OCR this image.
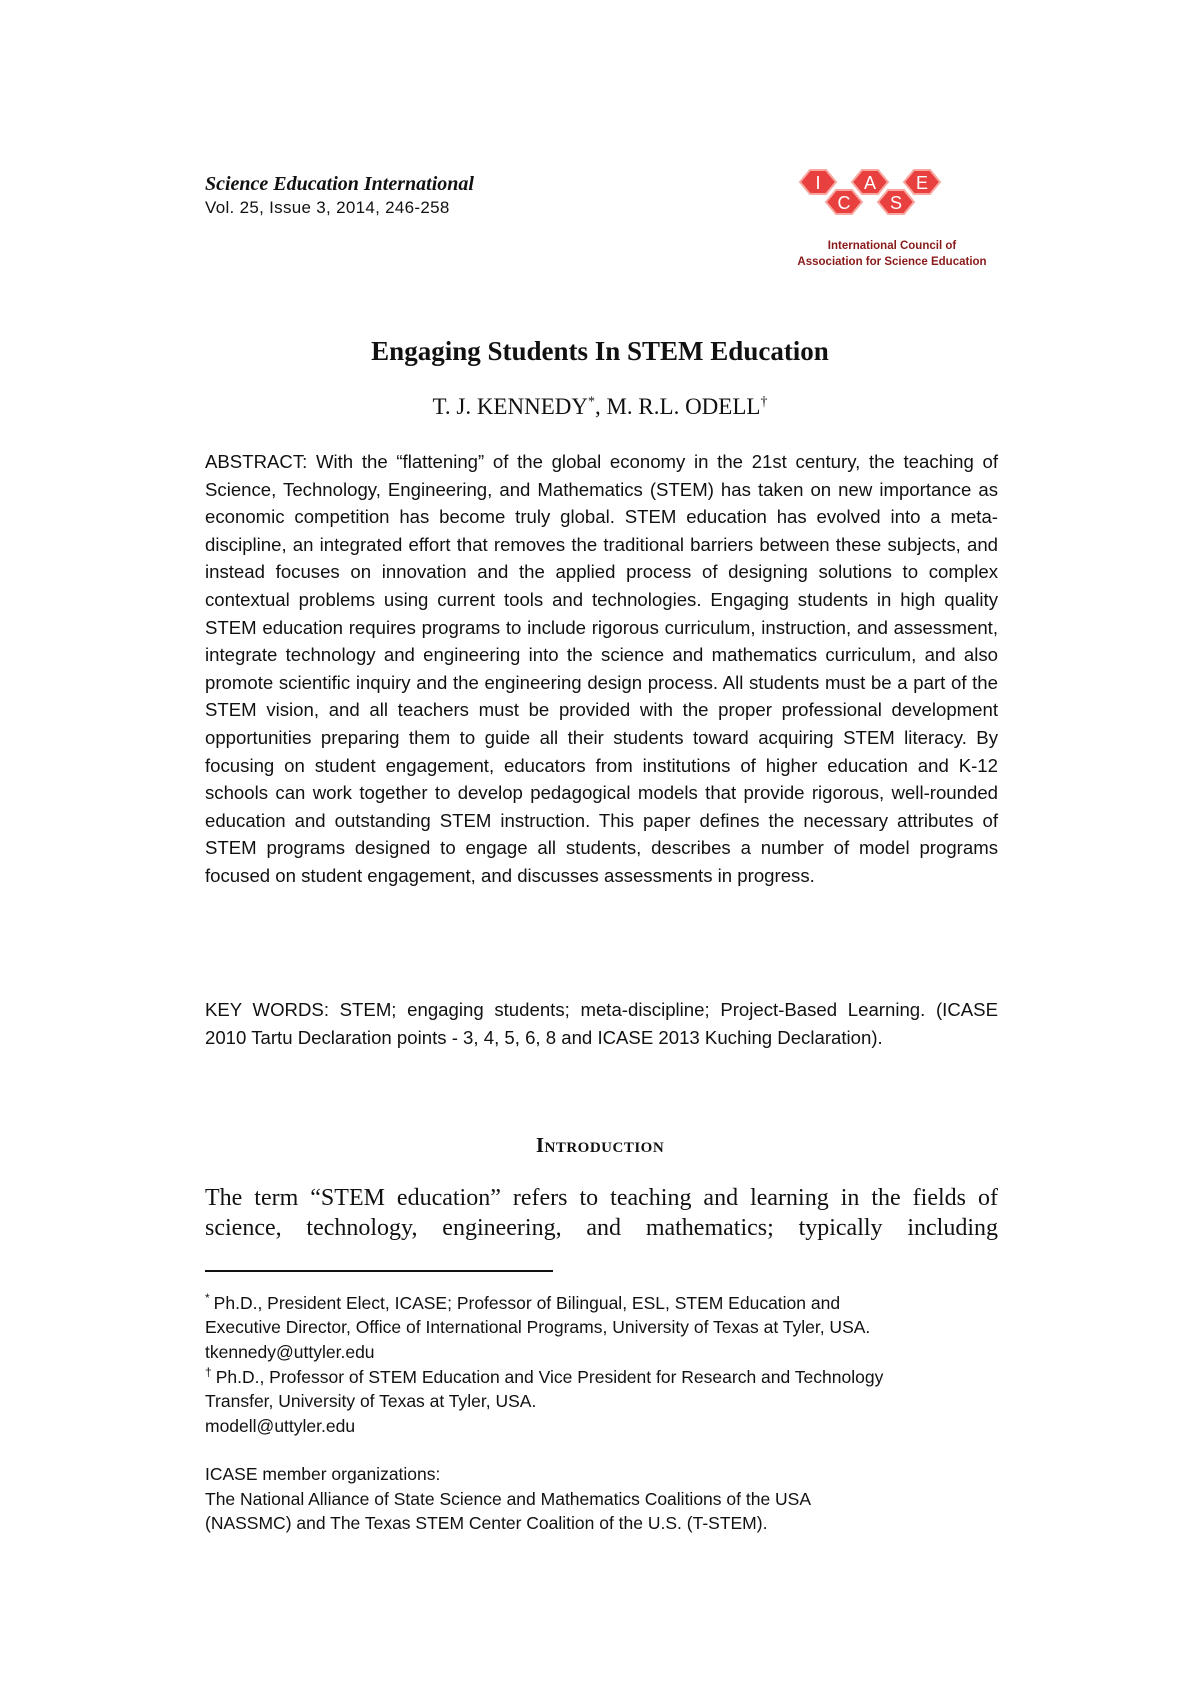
Science Education International
Vol. 25, Issue 3, 2014, 246-258
I
C
A
S
E
International Council of
Association for Science Education
Engaging Students In STEM Education
T. J. KENNEDY*, M. R.L. ODELL†
ABSTRACT: With the “flattening” of the global economy in the 21st century, the teaching of Science, Technology, Engineering, and Mathematics (STEM) has taken on new importance as economic competition has become truly global. STEM education has evolved into a meta-discipline, an integrated effort that removes the traditional barriers between these subjects, and instead focuses on innovation and the applied process of designing solutions to complex contextual problems using current tools and technologies. Engaging students in high quality STEM education requires programs to include rigorous curriculum, instruction, and assessment, integrate technology and engineering into the science and mathematics curriculum, and also promote scientific inquiry and the engineering design process. All students must be a part of the STEM vision, and all teachers must be provided with the proper professional development opportunities preparing them to guide all their students toward acquiring STEM literacy. By focusing on student engagement, educators from institutions of higher education and K-12 schools can work together to develop pedagogical models that provide rigorous, well-rounded education and outstanding STEM instruction. This paper defines the necessary attributes of STEM programs designed to engage all students, describes a number of model programs focused on student engagement, and discusses assessments in progress.
KEY WORDS: STEM; engaging students; meta-discipline; Project-Based Learning. (ICASE 2010 Tartu Declaration points - 3, 4, 5, 6, 8 and ICASE 2013 Kuching Declaration).
Introduction
The term “STEM education” refers to teaching and learning in the fields of science, technology, engineering, and mathematics; typically including
* Ph.D., President Elect, ICASE; Professor of Bilingual, ESL, STEM Education and
Executive Director, Office of International Programs, University of Texas at Tyler, USA.
tkennedy@uttyler.edu
† Ph.D., Professor of STEM Education and Vice President for Research and Technology
Transfer, University of Texas at Tyler, USA.
modell@uttyler.edu
ICASE member organizations:
The National Alliance of State Science and Mathematics Coalitions of the USA
(NASSMC) and The Texas STEM Center Coalition of the U.S. (T-STEM).
